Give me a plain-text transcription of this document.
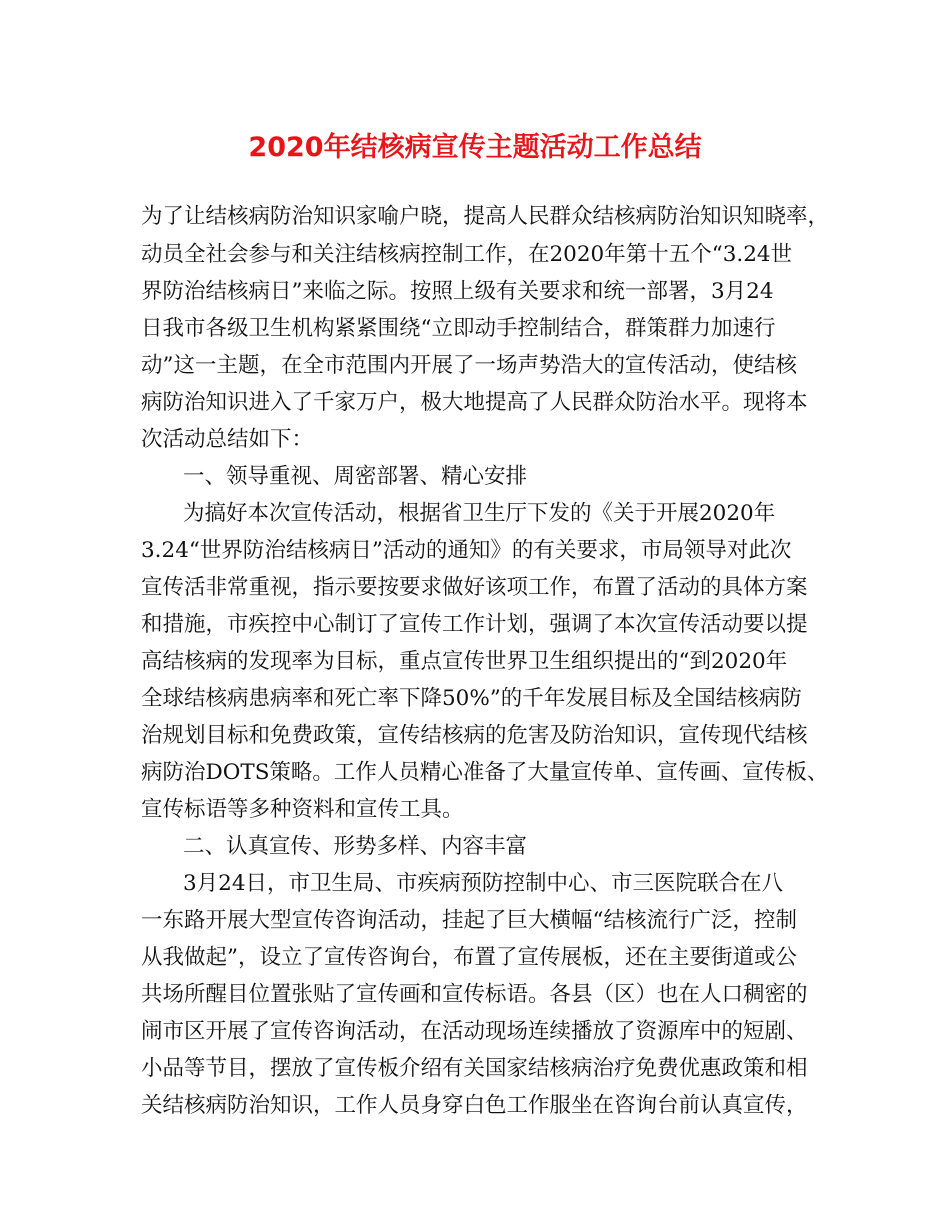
2020年结核病宣传主题活动工作总结
为了让结核病防治知识家喻户晓，提高人民群众结核病防治知识知晓率，
动员全社会参与和关注结核病控制工作，在2020年第十五个“3.24世
界防治结核病日”来临之际。按照上级有关要求和统一部署，3月24
日我市各级卫生机构紧紧围绕“立即动手控制结合，群策群力加速行
动”这一主题，在全市范围内开展了一场声势浩大的宣传活动，使结核
病防治知识进入了千家万户，极大地提高了人民群众防治水平。现将本
次活动总结如下：
一、领导重视、周密部署、精心安排
为搞好本次宣传活动，根据省卫生厅下发的《关于开展2020年
3.24“世界防治结核病日”活动的通知》的有关要求，市局领导对此次
宣传活非常重视，指示要按要求做好该项工作，布置了活动的具体方案
和措施，市疾控中心制订了宣传工作计划，强调了本次宣传活动要以提
高结核病的发现率为目标，重点宣传世界卫生组织提出的“到2020年
全球结核病患病率和死亡率下降50%”的千年发展目标及全国结核病防
治规划目标和免费政策，宣传结核病的危害及防治知识，宣传现代结核
病防治DOTS策略。工作人员精心准备了大量宣传单、宣传画、宣传板、
宣传标语等多种资料和宣传工具。
二、认真宣传、形势多样、内容丰富
3月24日，市卫生局、市疾病预防控制中心、市三医院联合在八
一东路开展大型宣传咨询活动，挂起了巨大横幅“结核流行广泛，控制
从我做起”，设立了宣传咨询台，布置了宣传展板，还在主要街道或公
共场所醒目位置张贴了宣传画和宣传标语。各县（区）也在人口稠密的
闹市区开展了宣传咨询活动，在活动现场连续播放了资源库中的短剧、
小品等节目，摆放了宣传板介绍有关国家结核病治疗免费优惠政策和相
关结核病防治知识，工作人员身穿白色工作服坐在咨询台前认真宣传，
